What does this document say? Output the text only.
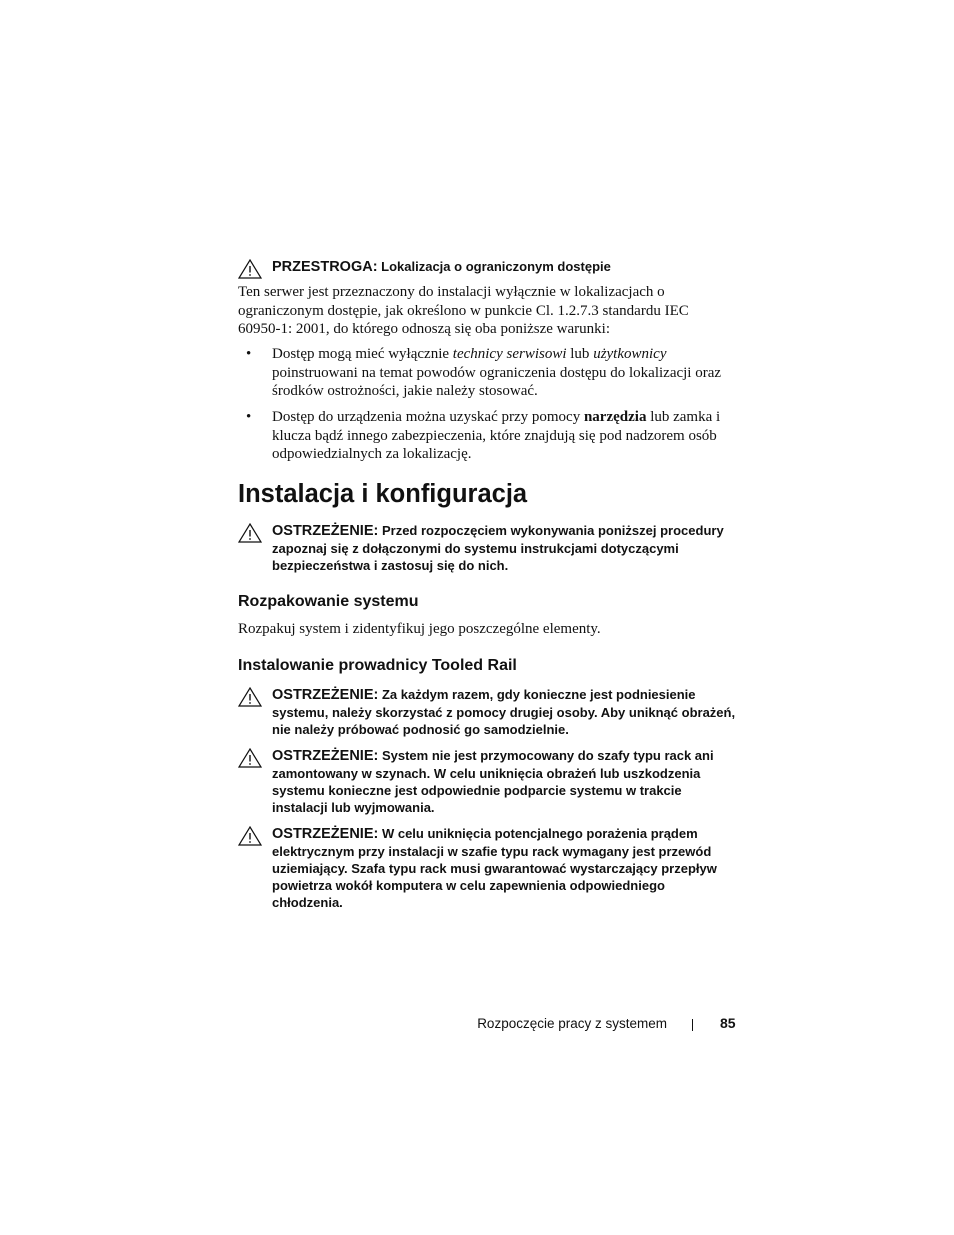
PRZESTROGA: Lokalizacja o ograniczonym dostępie
Ten serwer jest przeznaczony do instalacji wyłącznie w lokalizacjach o ograniczonym dostępie, jak określono w punkcie Cl. 1.2.7.3 standardu IEC 60950-1: 2001, do którego odnoszą się oba poniższe warunki:
• Dostęp mogą mieć wyłącznie technicy serwisowi lub użytkownicy poinstruowani na temat powodów ograniczenia dostępu do lokalizacji oraz środków ostrożności, jakie należy stosować.
• Dostęp do urządzenia można uzyskać przy pomocy narzędzia lub zamka i klucza bądź innego zabezpieczenia, które znajdują się pod nadzorem osób odpowiedzialnych za lokalizację.
Instalacja i konfiguracja
OSTRZEŻENIE: Przed rozpoczęciem wykonywania poniższej procedury zapoznaj się z dołączonymi do systemu instrukcjami dotyczącymi bezpieczeństwa i zastosuj się do nich.
Rozpakowanie systemu
Rozpakuj system i zidentyfikuj jego poszczególne elementy.
Instalowanie prowadnicy Tooled Rail
OSTRZEŻENIE: Za każdym razem, gdy konieczne jest podniesienie systemu, należy skorzystać z pomocy drugiej osoby. Aby uniknąć obrażeń, nie należy próbować podnosić go samodzielnie.
OSTRZEŻENIE: System nie jest przymocowany do szafy typu rack ani zamontowany w szynach. W celu uniknięcia obrażeń lub uszkodzenia systemu konieczne jest odpowiednie podparcie systemu w trakcie instalacji lub wyjmowania.
OSTRZEŻENIE: W celu uniknięcia potencjalnego porażenia prądem elektrycznym przy instalacji w szafie typu rack wymagany jest przewód uziemiający. Szafa typu rack musi gwarantować wystarczający przepływ powietrza wokół komputera w celu zapewnienia odpowiedniego chłodzenia.
Rozpoczęcie pracy z systemem	85
